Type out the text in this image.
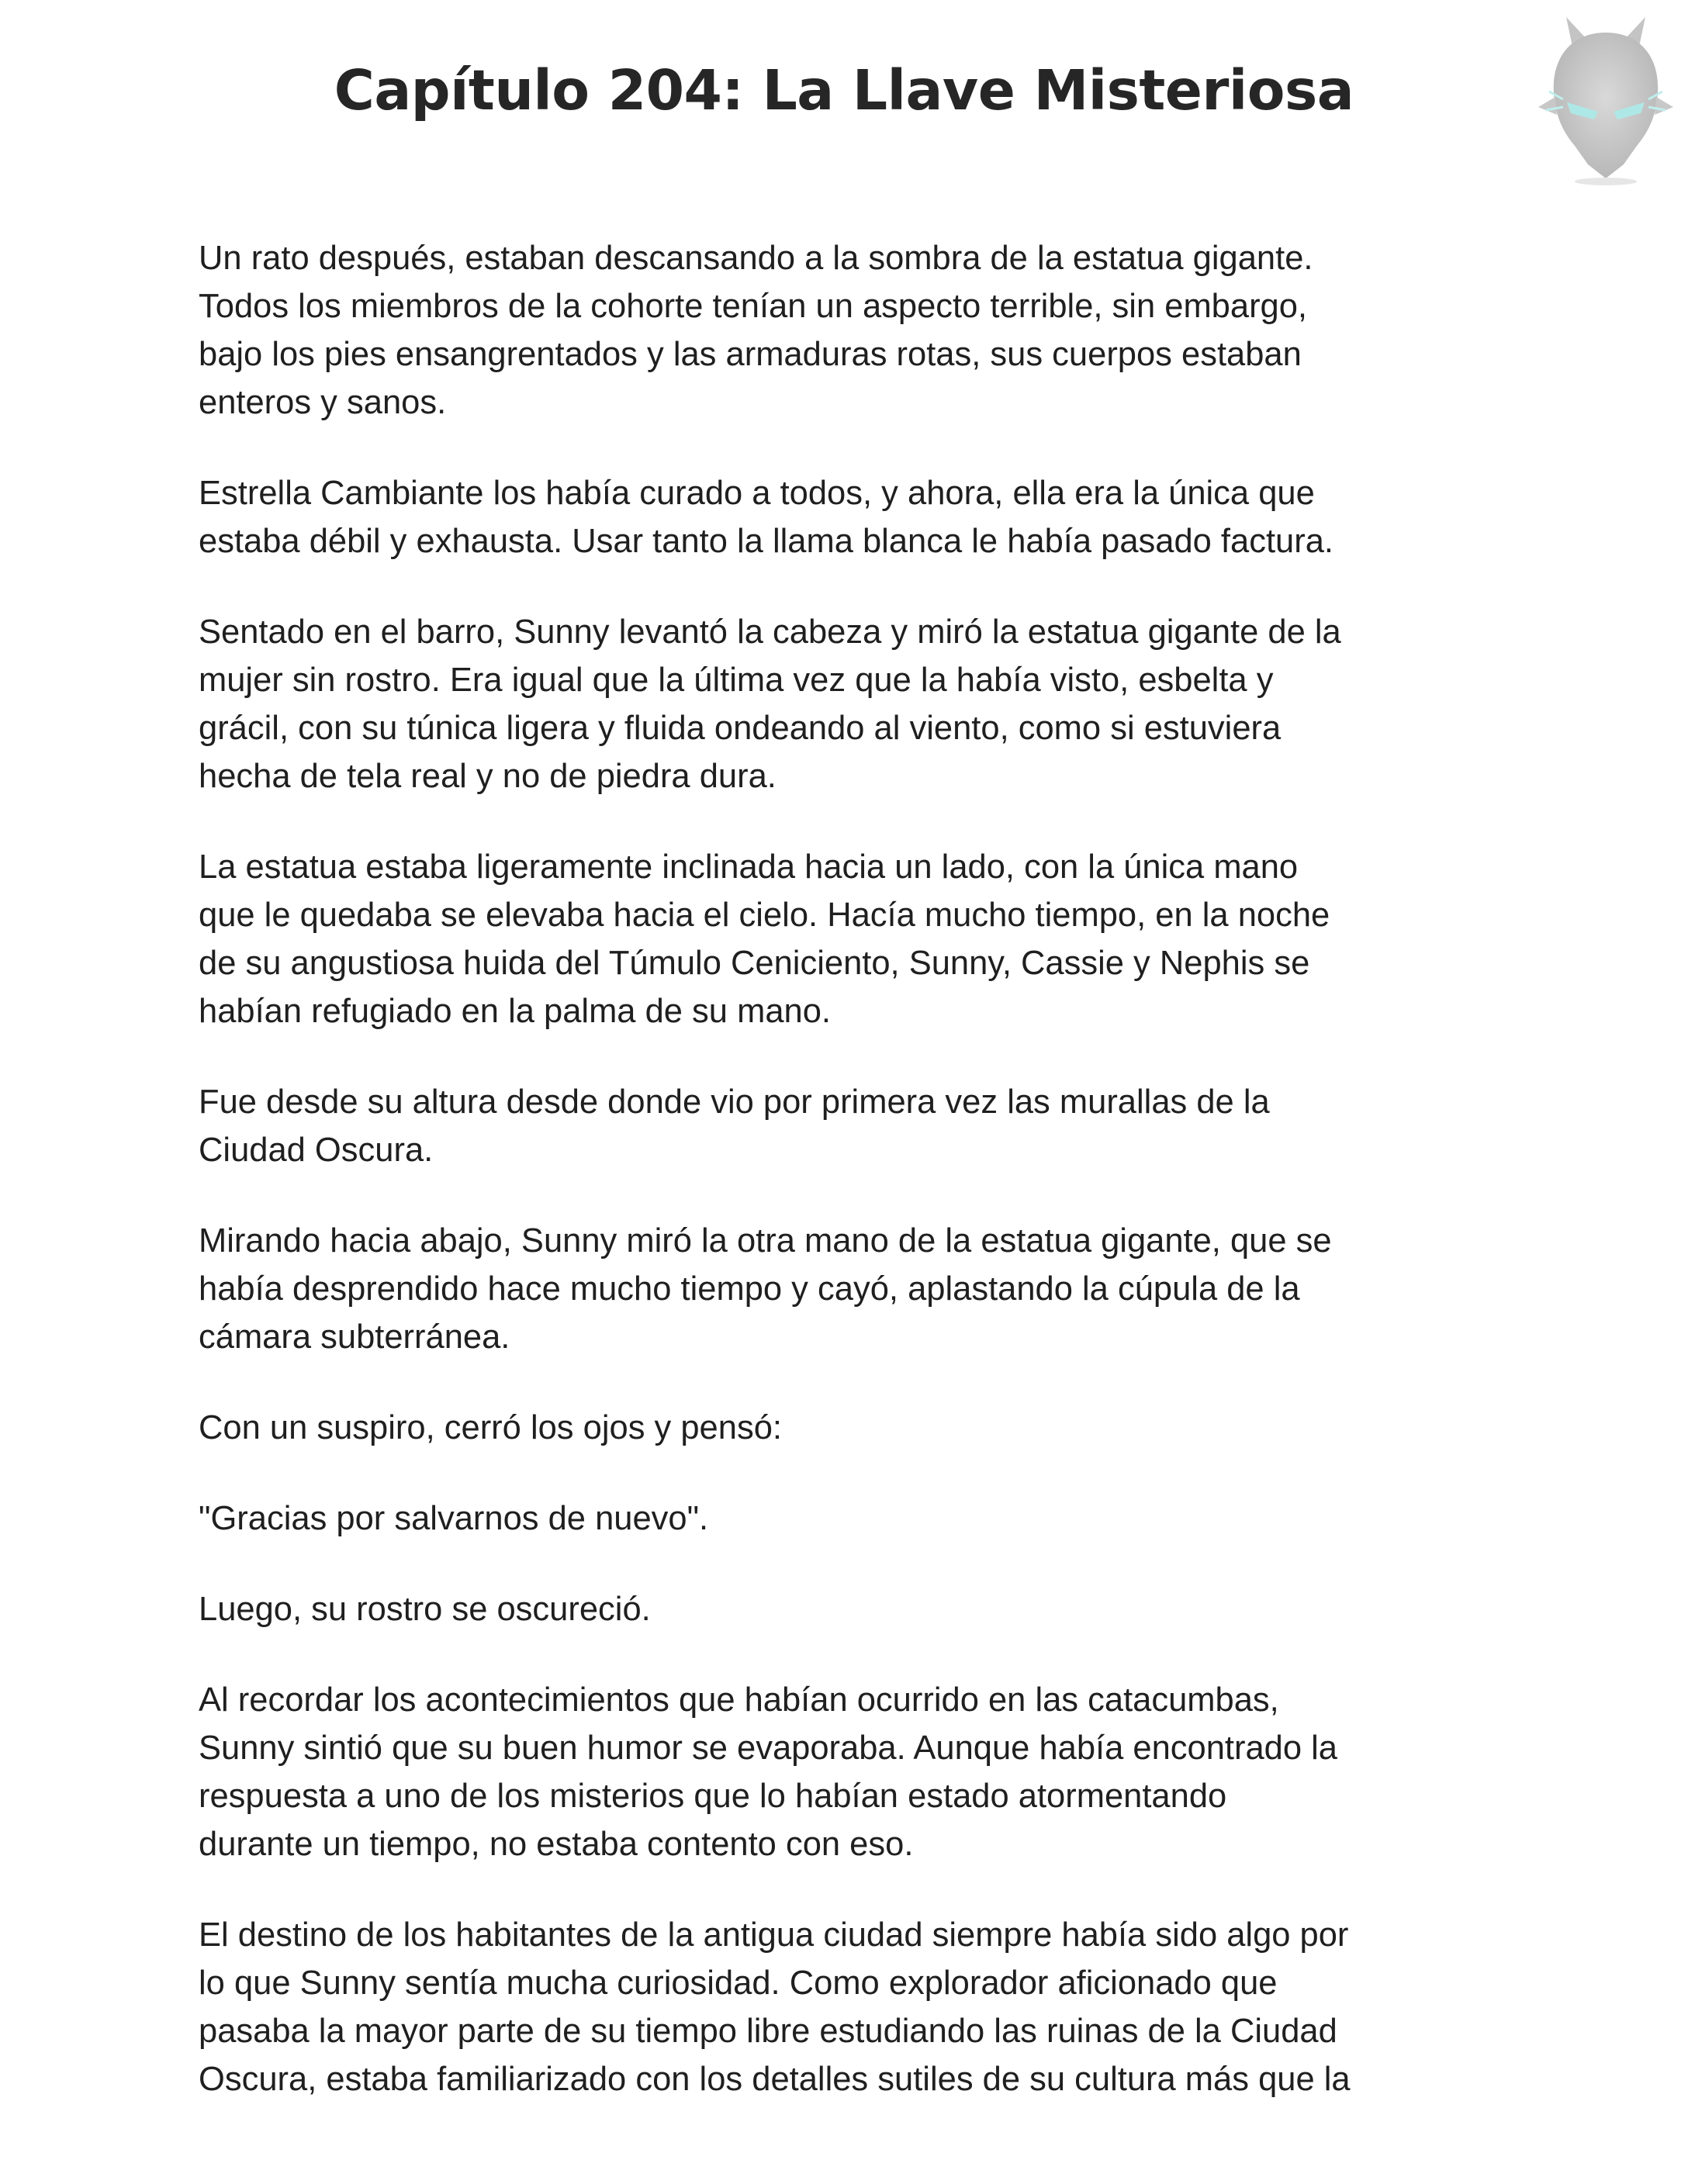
Capítulo 204: La Llave Misteriosa

Un rato después, estaban descansando a la sombra de la estatua gigante.
Todos los miembros de la cohorte tenían un aspecto terrible, sin embargo,
bajo los pies ensangrentados y las armaduras rotas, sus cuerpos estaban
enteros y sanos.

Estrella Cambiante los había curado a todos, y ahora, ella era la única que
estaba débil y exhausta. Usar tanto la llama blanca le había pasado factura.

Sentado en el barro, Sunny levantó la cabeza y miró la estatua gigante de la
mujer sin rostro. Era igual que la última vez que la había visto, esbelta y
grácil, con su túnica ligera y fluida ondeando al viento, como si estuviera
hecha de tela real y no de piedra dura.

La estatua estaba ligeramente inclinada hacia un lado, con la única mano
que le quedaba se elevaba hacia el cielo. Hacía mucho tiempo, en la noche
de su angustiosa huida del Túmulo Ceniciento, Sunny, Cassie y Nephis se
habían refugiado en la palma de su mano.

Fue desde su altura desde donde vio por primera vez las murallas de la
Ciudad Oscura.

Mirando hacia abajo, Sunny miró la otra mano de la estatua gigante, que se
había desprendido hace mucho tiempo y cayó, aplastando la cúpula de la
cámara subterránea.

Con un suspiro, cerró los ojos y pensó:

"Gracias por salvarnos de nuevo".

Luego, su rostro se oscureció.

Al recordar los acontecimientos que habían ocurrido en las catacumbas,
Sunny sintió que su buen humor se evaporaba. Aunque había encontrado la
respuesta a uno de los misterios que lo habían estado atormentando
durante un tiempo, no estaba contento con eso.

El destino de los habitantes de la antigua ciudad siempre había sido algo por
lo que Sunny sentía mucha curiosidad. Como explorador aficionado que
pasaba la mayor parte de su tiempo libre estudiando las ruinas de la Ciudad
Oscura, estaba familiarizado con los detalles sutiles de su cultura más que la
